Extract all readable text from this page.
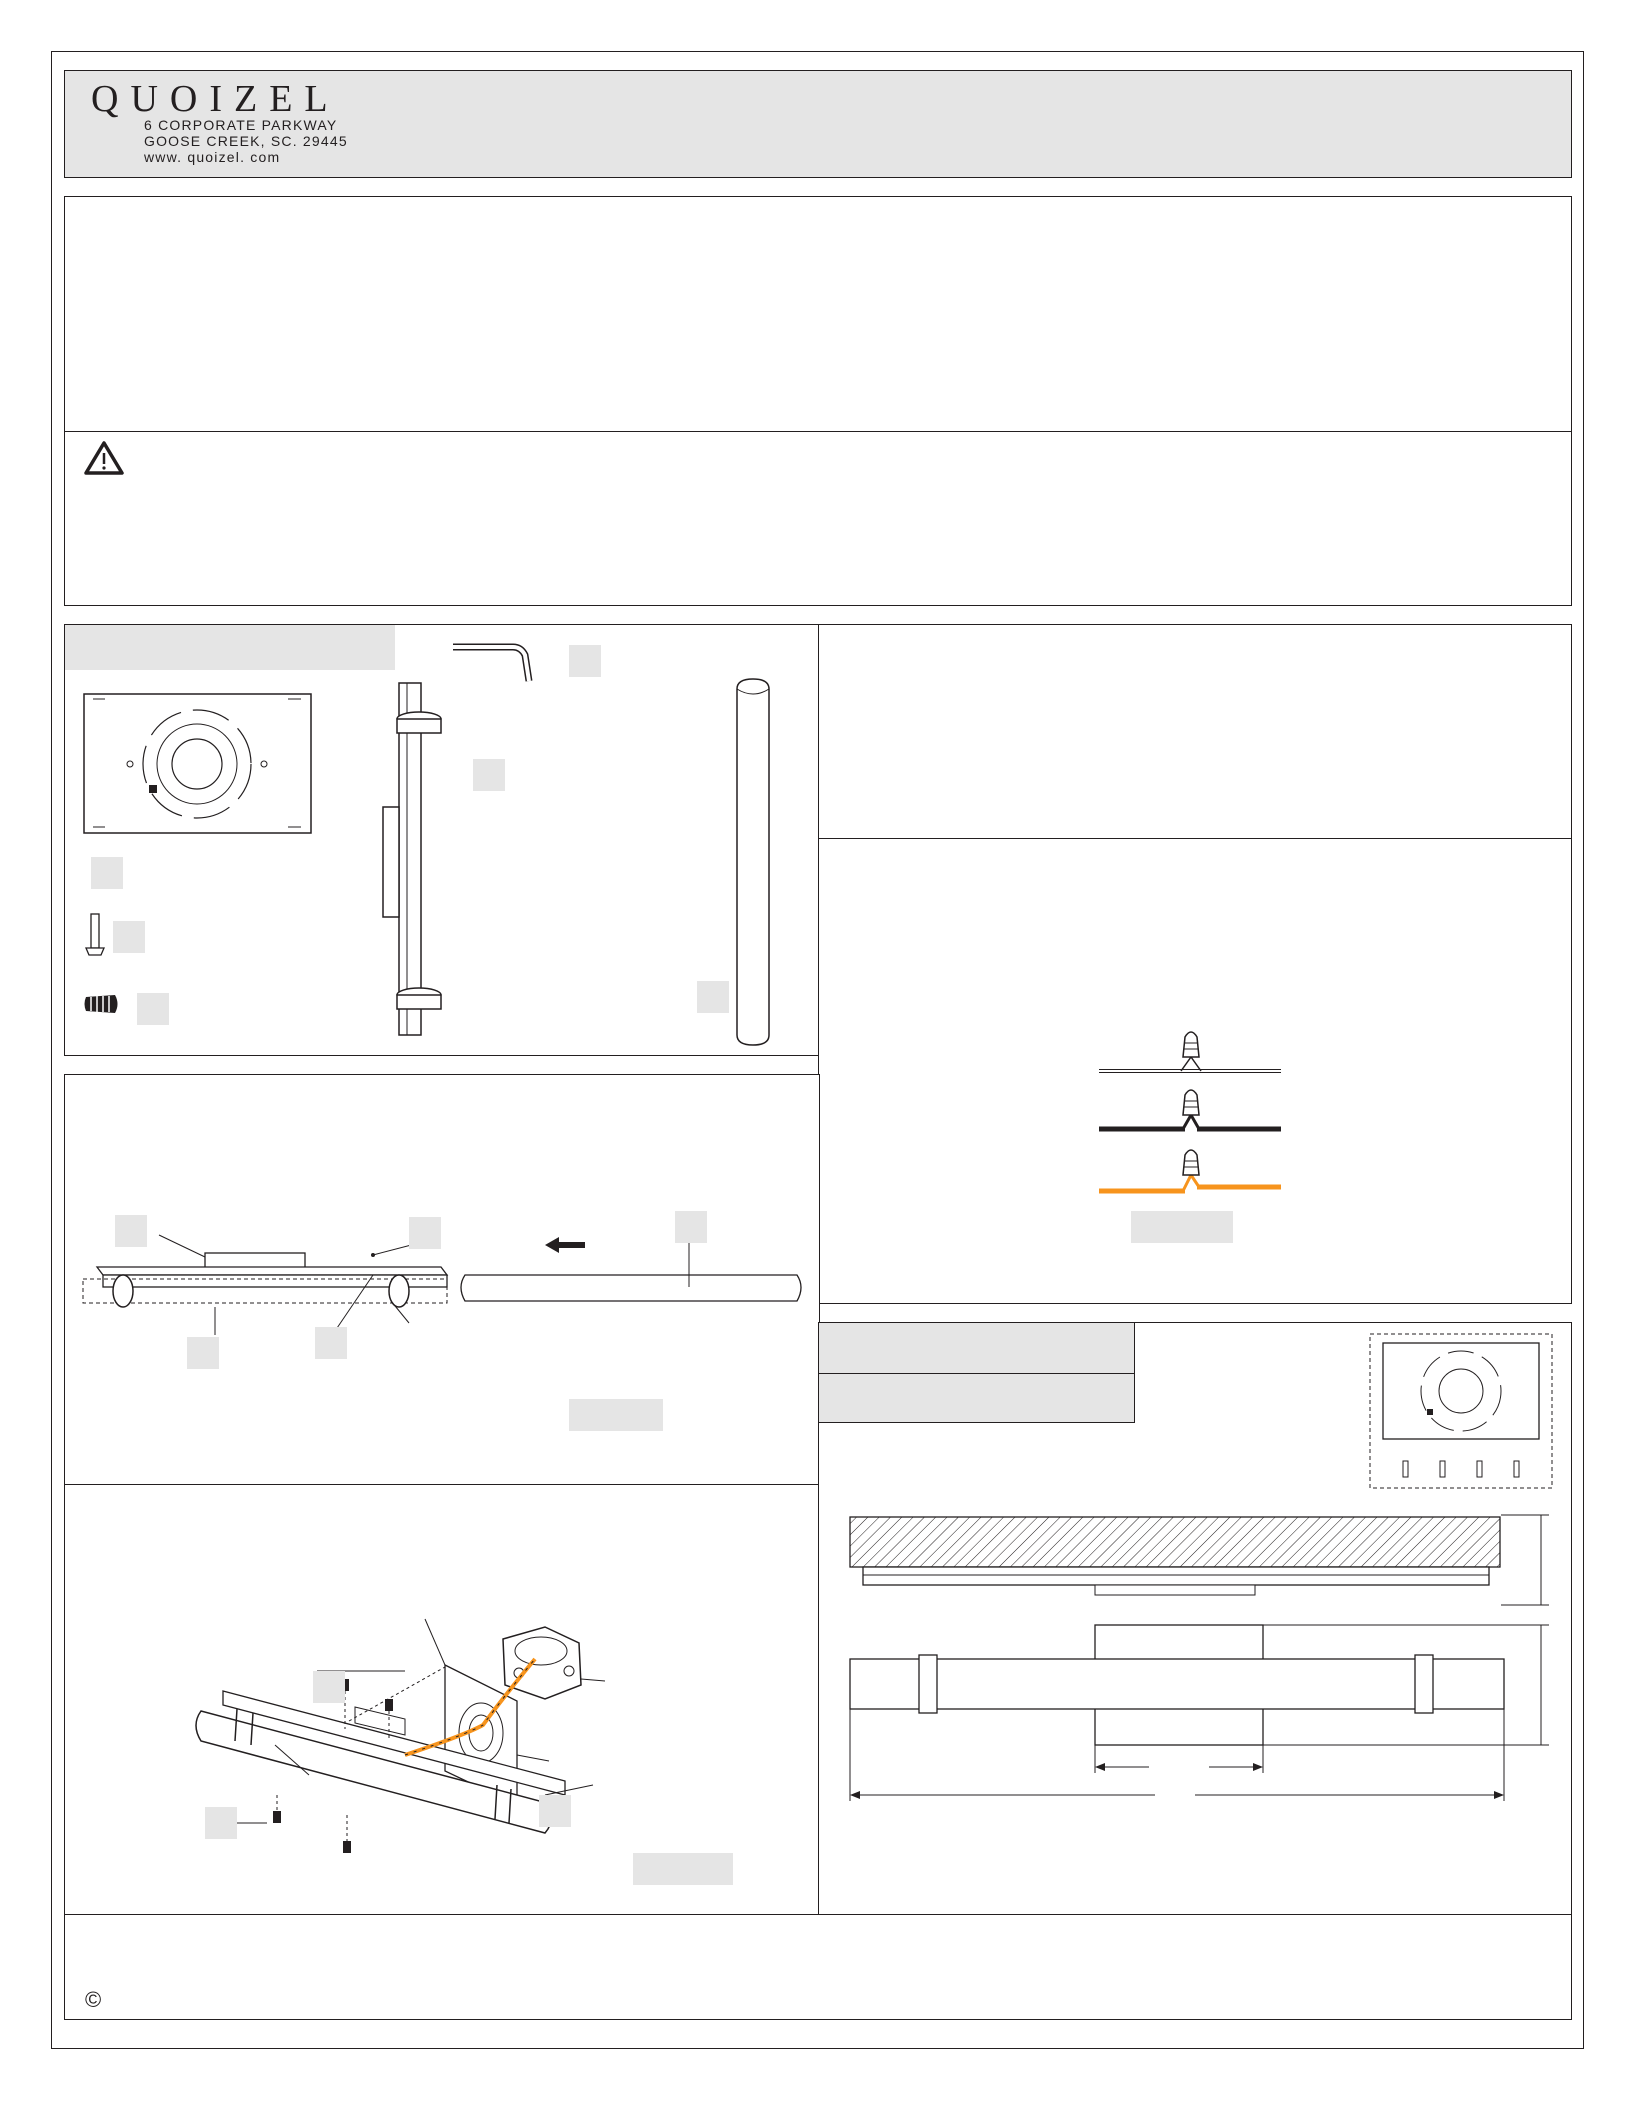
QUOIZEL
6 CORPORATE PARKWAY
GOOSE CREEK, SC. 29445
www. quoizel. com
©
